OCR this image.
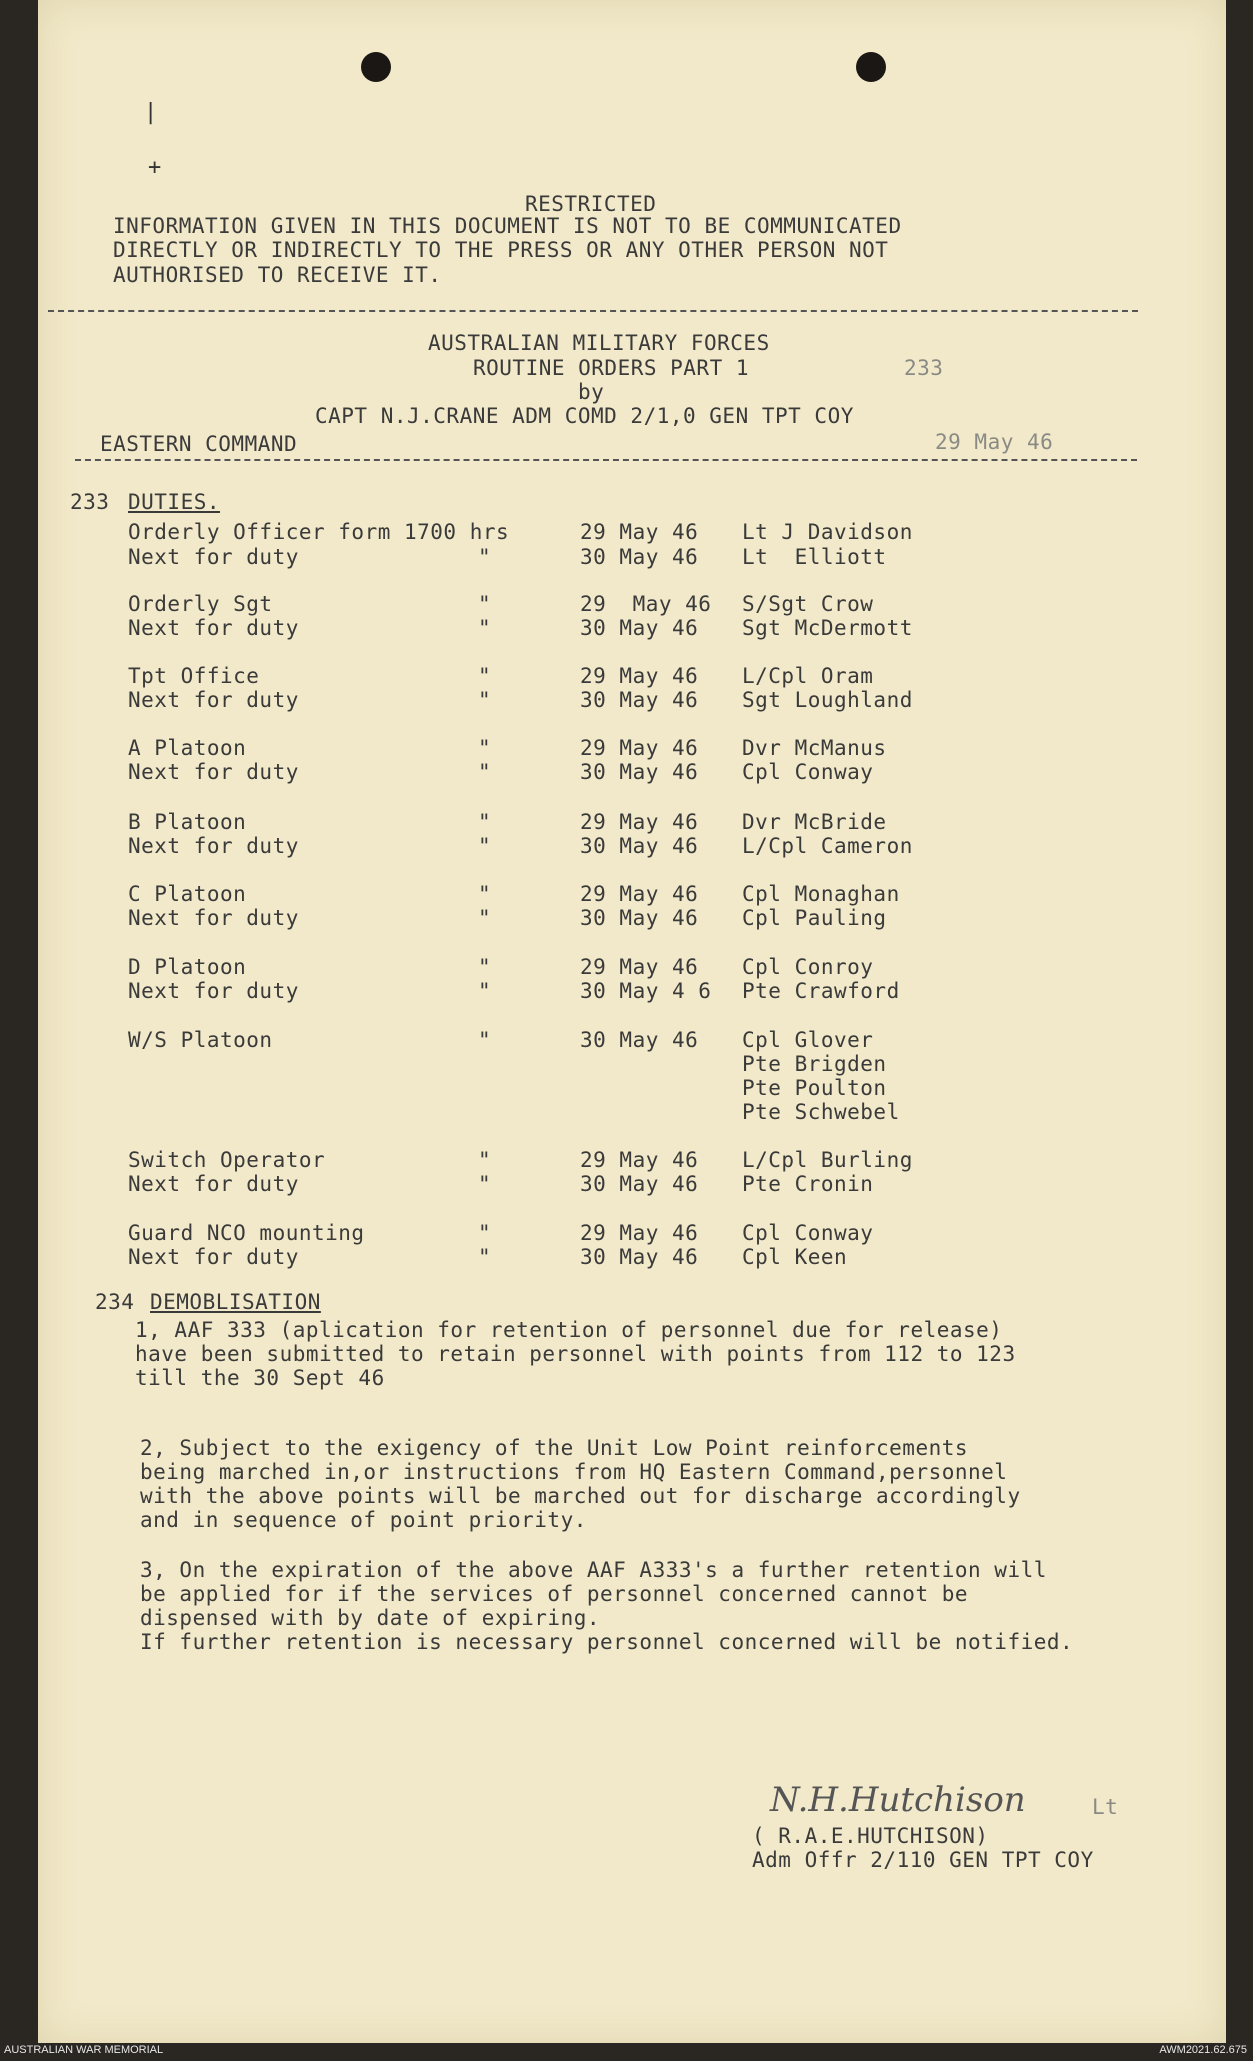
|
+
RESTRICTED
INFORMATION GIVEN IN THIS DOCUMENT IS NOT TO BE COMMUNICATED
DIRECTLY OR INDIRECTLY TO THE PRESS OR ANY OTHER PERSON NOT
AUTHORISED TO RECEIVE IT.
AUSTRALIAN MILITARY FORCES
ROUTINE ORDERS PART 1	233
by
CAPT N.J.CRANE ADM COMD 2/1,0 GEN TPT COY
EASTERN COMMAND	29 May 46
233 DUTIES.
Orderly Officer form 1700 hrs	29 May 46 Lt J Davidson
Next for duty	"	30 May 46 Lt  Elliott
Orderly Sgt	"	29  May 46 S/Sgt Crow
Next for duty	"	30 May 46 Sgt McDermott
Tpt Office	"	29 May 46 L/Cpl Oram
Next for duty	"	30 May 46 Sgt Loughland
A Platoon	"	29 May 46 Dvr McManus
Next for duty	"	30 May 46 Cpl Conway
B Platoon	"	29 May 46 Dvr McBride
Next for duty	"	30 May 46 L/Cpl Cameron
C Platoon	"	29 May 46 Cpl Monaghan
Next for duty	"	30 May 46 Cpl Pauling
D Platoon	"	29 May 46 Cpl Conroy
Next for duty	"	30 May 4 6 Pte Crawford
W/S Platoon	"	30 May 46 Cpl Glover
Pte Brigden
Pte Poulton
Pte Schwebel
Switch Operator	"	29 May 46 L/Cpl Burling
Next for duty	"	30 May 46 Pte Cronin
Guard NCO mounting	"	29 May 46 Cpl Conway
Next for duty	"	30 May 46 Cpl Keen
234 DEMOBLISATION
1, AAF 333 (aplication for retention of personnel due for release)
have been submitted to retain personnel with points from 112 to 123
till the 30 Sept 46
2, Subject to the exigency of the Unit Low Point reinforcements
being marched in,or instructions from HQ Eastern Command,personnel
with the above points will be marched out for discharge accordingly
and in sequence of point priority.
3, On the expiration of the above AAF A333's a further retention will
be applied for if the services of personnel concerned cannot be
dispensed with by date of expiring.
If further retention is necessary personnel concerned will be notified.
N.H.Hutchison	Lt
( R.A.E.HUTCHISON)
Adm Offr 2/110 GEN TPT COY
AUSTRALIAN WAR MEMORIAL	AWM2021.62.675
